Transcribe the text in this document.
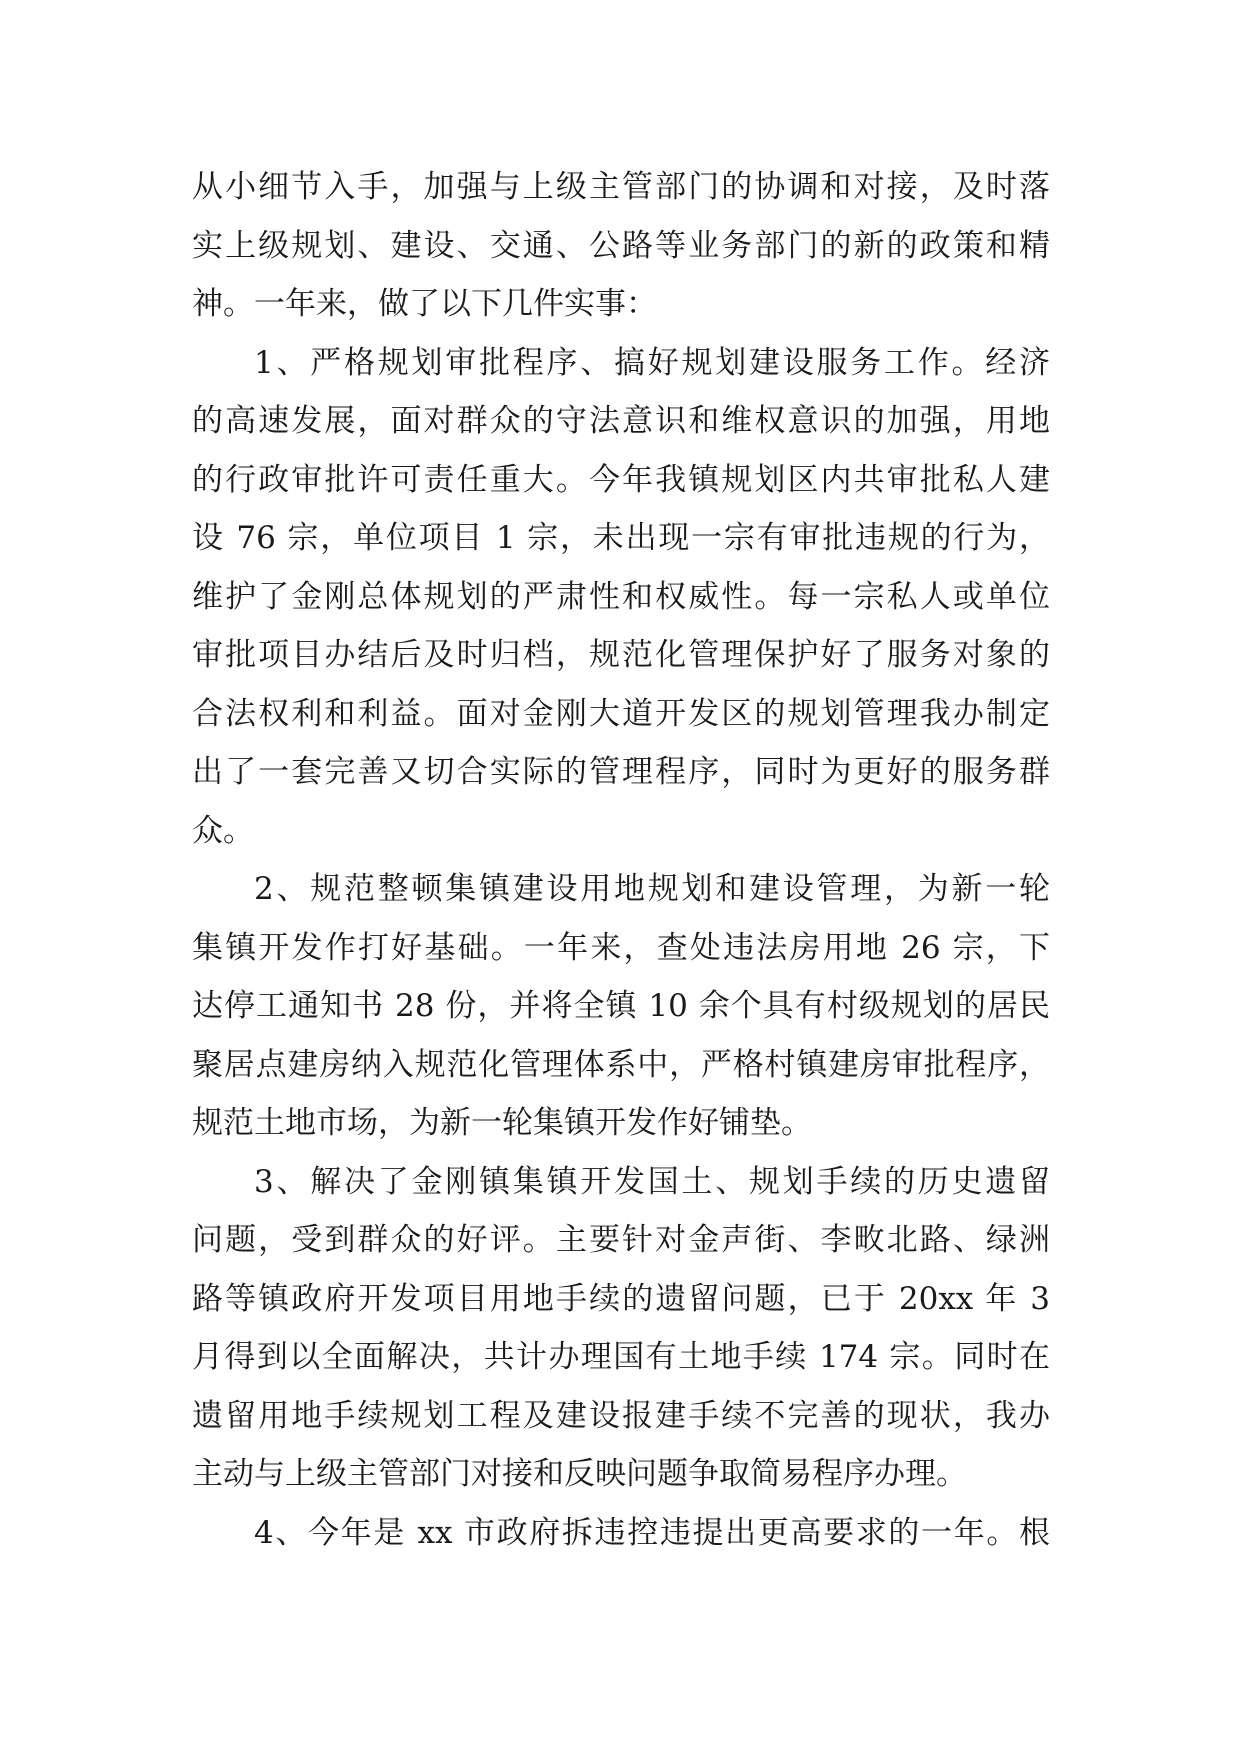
从小细节入手，加强与上级主管部门的协调和对接，及时落
实上级规划、建设、交通、公路等业务部门的新的政策和精
神。一年来，做了以下几件实事：
1、严格规划审批程序、搞好规划建设服务工作。经济
的高速发展，面对群众的守法意识和维权意识的加强，用地
的行政审批许可责任重大。今年我镇规划区内共审批私人建
设 76 宗，单位项目 1 宗，未出现一宗有审批违规的行为，
维护了金刚总体规划的严肃性和权威性。每一宗私人或单位
审批项目办结后及时归档，规范化管理保护好了服务对象的
合法权利和利益。面对金刚大道开发区的规划管理我办制定
出了一套完善又切合实际的管理程序，同时为更好的服务群
众。
2、规范整顿集镇建设用地规划和建设管理，为新一轮
集镇开发作打好基础。一年来，查处违法房用地 26 宗，下
达停工通知书 28 份，并将全镇 10 余个具有村级规划的居民
聚居点建房纳入规范化管理体系中，严格村镇建房审批程序，
规范土地市场，为新一轮集镇开发作好铺垫。
3、解决了金刚镇集镇开发国土、规划手续的历史遗留
问题，受到群众的好评。主要针对金声街、李畋北路、绿洲
路等镇政府开发项目用地手续的遗留问题，已于 20xx 年 3
月得到以全面解决，共计办理国有土地手续 174 宗。同时在
遗留用地手续规划工程及建设报建手续不完善的现状，我办
主动与上级主管部门对接和反映问题争取简易程序办理。
4、今年是 xx 市政府拆违控违提出更高要求的一年。根
